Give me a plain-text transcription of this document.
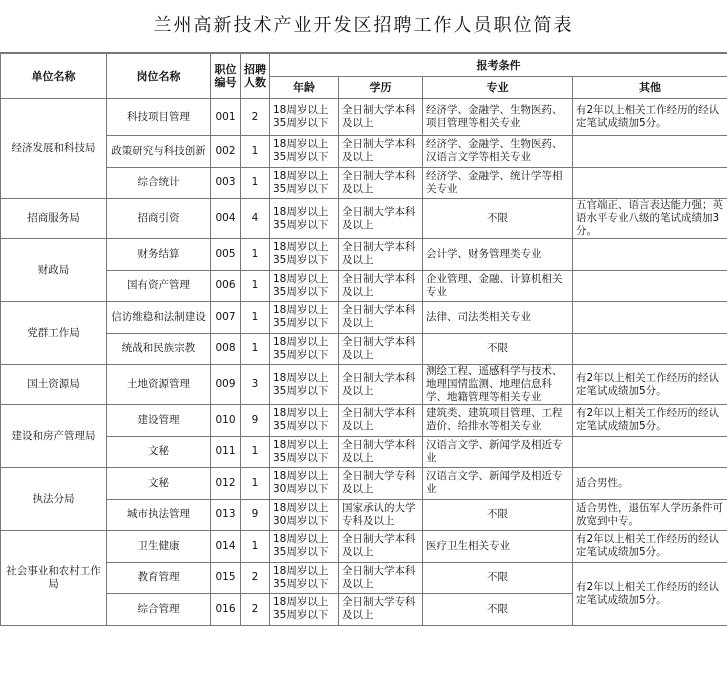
兰州高新技术产业开发区招聘工作人员职位简表
单位名称	岗位名称	职位编号	招聘人数	报考条件			
				年龄	学历	专业	其他
经济发展和科技局	科技项目管理	001	2	18周岁以上35周岁以下	全日制大学本科及以上	经济学、金融学、生物医药、项目管理等相关专业	有2年以上相关工作经历的经认定笔试成绩加5分。
	政策研究与科技创新	002	1	18周岁以上35周岁以下	全日制大学本科及以上	经济学、金融学、生物医药、汉语言文学等相关专业	
	综合统计	003	1	18周岁以上35周岁以下	全日制大学本科及以上	经济学、金融学、统计学等相关专业	
招商服务局	招商引资	004	4	18周岁以上35周岁以下	全日制大学本科及以上	不限	五官端正、语言表达能力强；英语水平专业八级的笔试成绩加3分。
财政局	财务结算	005	1	18周岁以上35周岁以下	全日制大学本科及以上	会计学、财务管理类专业	
	国有资产管理	006	1	18周岁以上35周岁以下	全日制大学本科及以上	企业管理、金融、计算机相关专业	
党群工作局	信访维稳和法制建设	007	1	18周岁以上35周岁以下	全日制大学本科及以上	法律、司法类相关专业	
	统战和民族宗教	008	1	18周岁以上35周岁以下	全日制大学本科及以上	不限	
国土资源局	土地资源管理	009	3	18周岁以上35周岁以下	全日制大学本科及以上	测绘工程、遥感科学与技术、地理国情监测、地理信息科学、地籍管理等相关专业	有2年以上相关工作经历的经认定笔试成绩加5分。
建设和房产管理局	建设管理	010	9	18周岁以上35周岁以下	全日制大学本科及以上	建筑类、建筑项目管理、工程造价、给排水等相关专业	有2年以上相关工作经历的经认定笔试成绩加5分。
	文秘	011	1	18周岁以上35周岁以下	全日制大学本科及以上	汉语言文学、新闻学及相近专业	
执法分局	文秘	012	1	18周岁以上30周岁以下	全日制大学专科及以上	汉语言文学、新闻学及相近专业	适合男性。
	城市执法管理	013	9	18周岁以上30周岁以下	国家承认的大学专科及以上	不限	适合男性，退伍军人学历条件可放宽到中专。
社会事业和农村工作局	卫生健康	014	1	18周岁以上35周岁以下	全日制大学本科及以上	医疗卫生相关专业	有2年以上相关工作经历的经认定笔试成绩加5分。
	教育管理	015	2	18周岁以上35周岁以下	全日制大学本科及以上	不限	有2年以上相关工作经历的经认定笔试成绩加5分。
	综合管理	016	2	18周岁以上35周岁以下	全日制大学专科及以上	不限	
